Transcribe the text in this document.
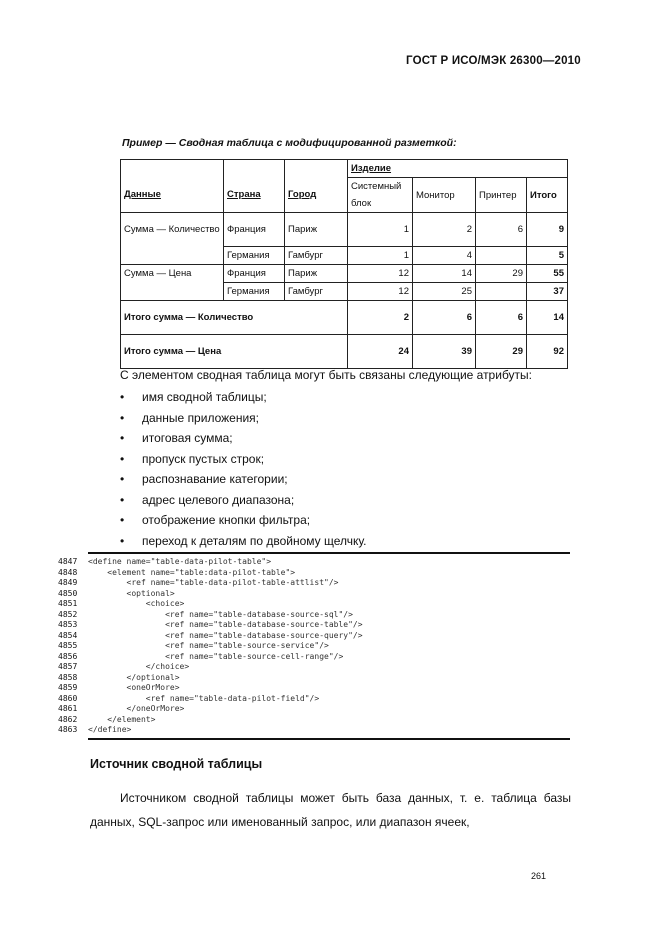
ГОСТ Р ИСО/МЭК 26300—2010
Пример — Сводная таблица с модифицированной разметкой:
			Изделие			
Данные	Страна	Город	Системный блок	Монитор	Принтер	Итого
Сумма — Количество	Франция	Париж	1	2	6	9
	Германия	Гамбург	1	4		5
Сумма — Цена	Франция	Париж	12	14	29	55
	Германия	Гамбург	12	25		37
Итого сумма — Количество			2	6	6	14
Итого сумма — Цена			24	39	29	92
С элементом сводная таблица могут быть связаны следующие атрибуты:
• имя сводной таблицы;
• данные приложения;
• итоговая сумма;
• пропуск пустых строк;
• распознавание категории;
• адрес целевого диапазона;
• отображение кнопки фильтра;
• переход к деталям по двойному щелчку.
4847 <define name="table-data-pilot-table">
4848    <element name="table:data-pilot-table">
4849        <ref name="table-data-pilot-table-attlist"/>
4850        <optional>
4851            <choice>
4852                <ref name="table-database-source-sql"/>
4853                <ref name="table-database-source-table"/>
4854                <ref name="table-database-source-query"/>
4855                <ref name="table-source-service"/>
4856                <ref name="table-source-cell-range"/>
4857            </choice>
4858        </optional>
4859        <oneOrMore>
4860            <ref name="table-data-pilot-field"/>
4861        </oneOrMore>
4862    </element>
4863 </define>
Источник сводной таблицы
Источником сводной таблицы может быть база данных, т. е. таблица базы данных, SQL-запрос или именованный запрос, или диапазон ячеек,
261
